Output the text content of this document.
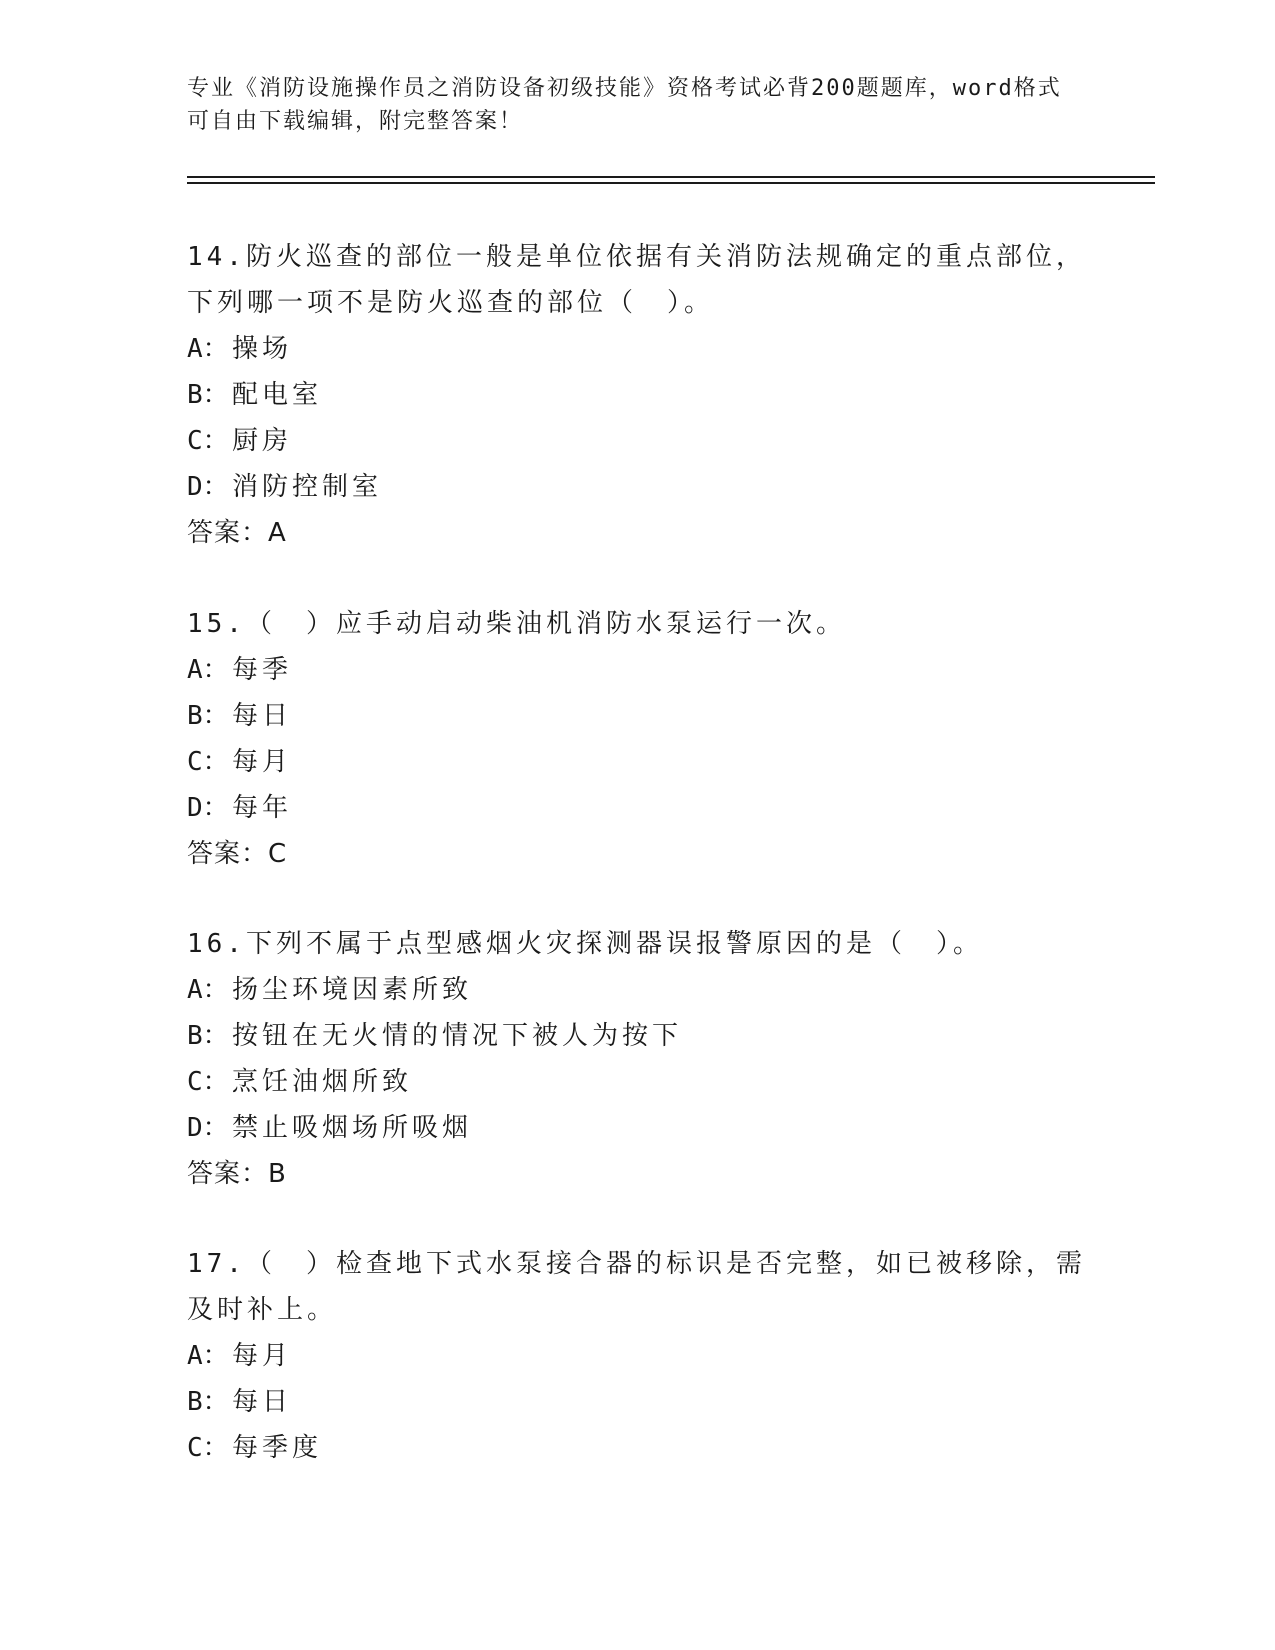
专业《消防设施操作员之消防设备初级技能》资格考试必背200题题库，word格式可自由下载编辑，附完整答案！
14.防火巡查的部位一般是单位依据有关消防法规确定的重点部位，下列哪一项不是防火巡查的部位（　）。
A： 操场
B： 配电室
C： 厨房
D： 消防控制室
答案：A
15.（　）应手动启动柴油机消防水泵运行一次。
A： 每季
B： 每日
C： 每月
D： 每年
答案：C
16.下列不属于点型感烟火灾探测器误报警原因的是（　）。
A： 扬尘环境因素所致
B： 按钮在无火情的情况下被人为按下
C： 烹饪油烟所致
D： 禁止吸烟场所吸烟
答案：B
17.（　）检查地下式水泵接合器的标识是否完整，如已被移除，需及时补上。
A： 每月
B： 每日
C： 每季度
